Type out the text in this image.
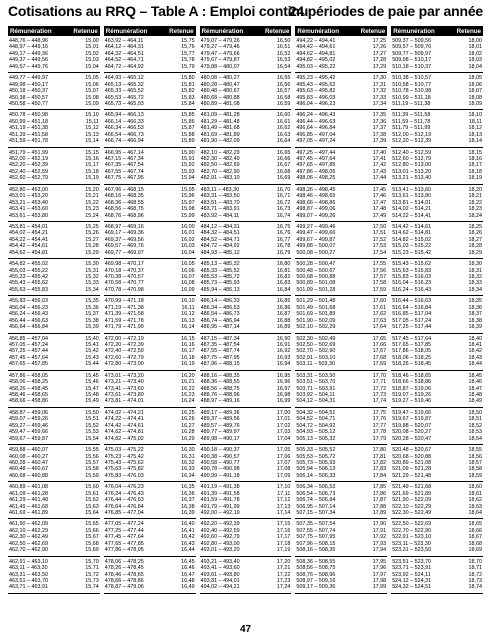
Cotisations au RRQ – Table A : Emploi continu
24 périodes de paie par année
Rémunération	Retenue
448,76 – 448,96	15,00
448,97 – 449,16	15,01
449,17 – 449,36	15,02
449,37 – 449,56	15,03
449,57 – 449,76	15,04
449,77 – 449,97	15,05
449,98 – 450,17	15,06
450,18 – 450,37	15,07
450,38 – 450,57	15,08
450,58 – 450,77	15,09
450,78 – 450,98	15,10
450,99 – 451,18	15,11
451,19 – 451,38	15,12
451,39 – 451,58	15,13
451,59 – 451,78	15,14
451,79 – 451,99	15,15
452,00 – 452,19	15,16
452,20 – 452,39	15,17
452,40 – 452,59	15,18
452,60 – 452,79	15,19
452,80 – 453,00	15,20
453,01 – 453,20	15,21
453,21 – 453,40	15,22
453,41 – 453,60	15,23
453,61 – 453,80	15,24
453,81 – 454,01	15,25
454,02 – 454,21	15,26
454,22 – 454,41	15,27
454,42 – 454,61	15,28
454,62 – 454,81	15,29
454,82 – 455,02	15,30
455,03 – 455,22	15,31
455,23 – 455,42	15,32
455,43 – 455,62	15,33
455,63 – 455,83	15,34
455,83 – 456,03	15,35
456,04 – 456,23	15,36
456,24 – 456,43	15,37
456,44 – 456,63	15,38
456,64 – 456,84	15,39
456,85 – 457,04	15,40
457,05 – 457,24	15,41
457,25 – 457,44	15,42
457,45 – 457,64	15,43
457,65 – 457,85	15,44
457,86 – 458,05	15,45
458,06 – 458,25	15,46
458,26 – 458,45	15,47
458,46 – 458,65	15,48
458,66 – 458,86	15,49
458,87 – 459,06	15,50
459,07 – 459,26	15,51
459,27 – 459,46	15,52
459,47 – 459,66	15,53
459,67 – 459,87	15,54
459,88 – 460,07	15,55
460,08 – 460,27	15,56
460,28 – 460,47	15,57
460,48 – 460,67	15,58
460,68 – 460,88	15,59
460,89 – 461,08	15,60
461,09 – 461,28	15,61
461,29 – 461,48	15,62
461,49 – 461,68	15,63
461,69 – 461,89	15,64
461,90 – 462,09	15,65
462,10 – 462,29	15,66
462,30 – 462,49	15,67
462,50 – 462,69	15,68
462,70 – 462,90	15,69
462,91 – 463,10	15,70
463,11 – 463,30	15,71
463,31 – 463,50	15,72
463,51 – 463,70	15,73
463,71 – 463,91	15,74
Rémunération	Retenue
463,92 – 464,11	15,75
464,12 – 464,31	15,76
464,32 – 464,51	15,77
464,52 – 464,71	15,78
464,72 – 464,92	15,79
464,93 – 465,12	15,80
465,13 – 465,32	15,81
465,33 – 465,52	15,82
465,53 – 465,72	15,83
465,73 – 465,93	15,84
465,94 – 466,13	15,85
466,14 – 466,33	15,86
466,34 – 466,53	15,87
466,54 – 466,73	15,88
466,74 – 466,94	15,89
466,95 – 467,14	15,90
467,15 – 467,34	15,91
467,35 – 467,54	15,92
467,55 – 467,74	15,93
467,75 – 467,95	15,94
467,96 – 468,15	15,95
468,16 – 468,35	15,96
468,36 – 468,55	15,97
468,56 – 468,75	15,98
468,76 – 468,96	15,99
468,97 – 469,16	16,00
469,17 – 469,36	16,01
469,37 – 469,56	16,02
469,57 – 469,76	16,03
469,77 – 469,97	16,04
469,98 – 470,17	16,05
470,18 – 470,37	16,06
470,38 – 470,57	16,07
470,58 – 470,77	16,08
470,78 – 470,98	16,09
470,99 – 471,18	16,10
471,19 – 471,38	16,11
471,39 – 471,58	16,12
471,59 – 471,78	16,13
471,79 – 471,99	16,14
472,00 – 472,19	16,15
472,20 – 472,39	16,16
472,40 – 472,59	16,17
472,60 – 472,79	16,18
472,80 – 473,00	16,19
473,01 – 473,20	16,20
473,21 – 473,40	16,21
473,41 – 473,60	16,22
473,61 – 473,80	16,23
473,81 – 474,01	16,24
474,02 – 474,21	16,25
474,22 – 474,41	16,26
474,42 – 474,61	16,27
474,62 – 474,81	16,28
474,82 – 475,02	16,29
475,03 – 475,22	16,30
475,23 – 475,42	16,31
475,43 – 475,62	16,32
475,63 – 475,82	16,33
475,83 – 476,03	16,34
476,04 – 476,23	16,35
476,24 – 476,43	16,36
476,44 – 476,63	16,37
476,64 – 476,84	16,38
476,85 – 477,04	16,39
477,05 – 477,24	16,40
477,25 – 477,44	16,41
477,45 – 477,64	16,42
477,65 – 477,85	16,43
477,86 – 478,05	16,44
478,06 – 478,25	16,45
478,26 – 478,45	16,46
478,46 – 478,65	16,47
478,66 – 478,86	16,48
478,87 – 479,06	16,49
Rémunération	Retenue
479,07 – 479,26	16,50
479,27 – 479,46	16,51
479,47 – 479,66	16,52
479,67 – 479,87	16,53
479,88 – 480,07	16,54
480,08 – 480,27	16,55
480,28 – 480,47	16,56
480,48 – 480,67	16,57
480,68 – 480,88	16,58
480,89 – 481,08	16,59
481,09 – 481,28	16,60
481,29 – 481,48	16,61
481,49 – 481,68	16,62
481,69 – 481,89	16,63
481,90 – 482,09	16,64
482,10 – 482,29	16,65
482,30 – 482,49	16,66
482,50 – 482,69	16,67
482,70 – 482,90	16,68
482,91 – 483,10	16,69
483,11 – 483,30	16,70
483,31 – 483,50	16,71
483,51 – 483,70	16,72
483,71 – 483,91	16,73
483,92 – 484,11	16,74
484,12 – 484,31	16,75
484,32 – 484,51	16,76
484,52 – 484,71	16,77
484,72 – 484,92	16,78
484,93 – 485,12	16,79
485,13 – 485,32	16,80
485,33 – 485,52	16,81
485,53 – 485,72	16,82
485,73 – 485,93	16,83
485,94 – 486,13	16,84
486,14 – 486,33	16,85
486,34 – 486,53	16,86
486,54 – 486,73	16,87
486,74 – 486,94	16,88
486,95 – 487,14	16,89
487,15 – 487,34	16,90
487,35 – 487,54	16,91
487,55 – 487,74	16,92
487,75 – 487,95	16,93
487,96 – 488,15	16,94
488,16 – 488,35	16,95
488,36 – 488,55	16,96
488,56 – 488,75	16,97
488,76 – 488,96	16,98
488,97 – 489,16	16,99
489,17 – 489,36	17,00
489,37 – 489,56	17,01
489,57 – 489,76	17,02
489,77 – 489,97	17,03
489,98 – 490,17	17,04
490,18 – 490,37	17,05
490,38 – 490,57	17,06
490,58 – 490,77	17,07
490,78 – 490,98	17,08
490,99 – 491,18	17,09
491,19 – 491,38	17,10
491,39 – 491,58	17,11
491,59 – 491,78	17,12
491,79 – 491,99	17,13
492,00 – 492,19	17,14
492,20 – 492,39	17,15
492,40 – 492,59	17,16
492,60 – 492,79	17,17
492,80 – 493,00	17,18
493,01 – 493,20	17,19
493,21 – 493,40	17,20
493,41 – 493,60	17,21
493,61 – 493,80	17,22
493,81 – 494,01	17,23
494,02 – 494,21	17,24
Rémunération	Retenue
494,22 – 494,41	17,25
494,42 – 494,61	17,26
494,62 – 494,81	17,27
494,82 – 495,02	17,28
495,03 – 495,22	17,29
495,23 – 495,42	17,30
495,43 – 495,62	17,31
495,63 – 495,82	17,32
495,83 – 496,03	17,33
496,04 – 496,23	17,34
496,24 – 496,43	17,35
496,44 – 496,63	17,36
496,64 – 496,84	17,37
496,85 – 497,04	17,38
497,05 – 497,24	17,39
497,25 – 497,44	17,40
497,45 – 497,64	17,41
497,65 – 497,85	17,42
497,86 – 498,05	17,43
498,06 – 498,25	17,44
498,26 – 498,45	17,45
498,46 – 498,65	17,46
498,66 – 498,86	17,47
498,87 – 499,06	17,48
499,07 – 499,26	17,49
499,27 – 499,46	17,50
499,47 – 499,66	17,51
499,67 – 499,87	17,52
499,88 – 500,07	17,53
500,08 – 500,27	17,54
500,28 – 500,47	17,55
500,48 – 500,67	17,56
500,68 – 500,88	17,57
500,89 – 501,08	17,58
501,09 – 501,28	17,59
501,29 – 501,48	17,60
501,49 – 501,68	17,61
501,69 – 501,89	17,62
501,90 – 502,09	17,63
502,10 – 502,29	17,64
502,30 – 502,49	17,65
502,50 – 502,69	17,66
502,70 – 502,90	17,67
502,91 – 503,10	17,68
503,11 – 503,30	17,69
503,31 – 503,50	17,70
503,51 – 503,70	17,71
503,71 – 503,91	17,72
503,92 – 504,11	17,73
504,12 – 504,31	17,74
504,32 – 504,51	17,75
504,52 – 504,71	17,76
504,72 – 504,92	17,77
504,93 – 505,12	17,78
505,13 – 505,32	17,79
505,33 – 505,52	17,80
505,53 – 505,72	17,81
505,73 – 505,93	17,82
505,94 – 506,13	17,83
506,14 – 506,33	17,84
506,34 – 506,53	17,85
506,54 – 506,73	17,86
506,74 – 506,94	17,87
506,95 – 507,14	17,88
507,15 – 507,34	17,89
507,35 – 507,54	17,90
507,55 – 507,74	17,91
507,75 – 507,95	17,92
507,96 – 508,15	17,93
508,16 – 508,35	17,94
508,36 – 508,55	17,95
508,56 – 508,75	17,96
508,76 – 508,96	17,97
508,97 – 509,16	17,98
509,17 – 509,36	17,99
Rémunération	Retenue
509,37 – 509,56	18,00
509,57 – 509,76	18,01
509,77 – 509,97	18,02
509,98 – 510,17	18,03
510,18 – 510,37	18,04
510,38 – 510,57	18,05
510,58 – 510,77	18,06
510,78 – 510,98	18,07
510,99 – 511,18	18,08
511,19 – 511,38	18,09
511,39 – 511,58	18,10
511,59 – 511,78	18,11
511,79 – 511,99	18,12
512,00 – 512,19	18,13
512,20 – 512,39	18,14
512,40 – 512,59	18,15
512,60 – 512,79	18,16
512,80 – 513,00	18,17
513,01 – 513,20	18,18
513,21 – 513,40	18,19
513,41 – 513,60	18,20
513,61 – 513,80	18,21
513,81 – 514,01	18,22
514,02 – 514,21	18,23
514,22 – 514,41	18,24
514,42 – 514,61	18,25
514,62 – 514,81	18,26
514,82 – 515,02	18,27
515,03 – 515,22	18,28
515,23 – 515,42	18,29
515,43 – 515,62	18,30
515,63 – 515,83	18,31
515,83 – 516,03	18,32
516,04 – 516,23	18,33
516,24 – 516,43	18,34
516,44 – 516,63	18,35
516,64 – 516,84	18,36
516,85 – 517,04	18,37
517,05 – 517,24	18,38
517,25 – 517,44	18,39
517,45 – 517,64	18,40
517,65 – 517,85	18,41
517,86 – 518,05	18,42
518,06 – 518,25	18,43
518,26 – 518,45	18,44
518,46 – 518,65	18,45
518,66 – 518,86	18,46
518,87 – 519,06	18,47
519,07 – 519,26	18,48
519,27 – 519,46	18,49
519,47 – 519,66	18,50
519,67 – 519,87	18,51
519,88 – 520,07	18,52
520,08 – 520,27	18,53
520,28 – 520,47	18,54
520,48 – 520,67	18,55
520,68 – 520,88	18,56
520,89 – 521,08	18,57
521,09 – 521,28	18,58
521,29 – 521,48	18,59
521,49 – 521,68	18,60
521,69 – 521,89	18,61
521,90 – 522,09	18,62
522,10 – 522,29	18,63
522,30 – 522,49	18,64
522,50 – 522,69	18,65
522,70 – 522,90	18,66
522,91 – 523,10	18,67
523,11 – 523,30	18,68
523,31 – 523,50	18,69
523,51 – 523,70	18,70
523,71 – 523,91	18,71
523,92 – 524,11	18,72
524,12 – 524,31	18,73
524,32 – 524,51	18,74
47
